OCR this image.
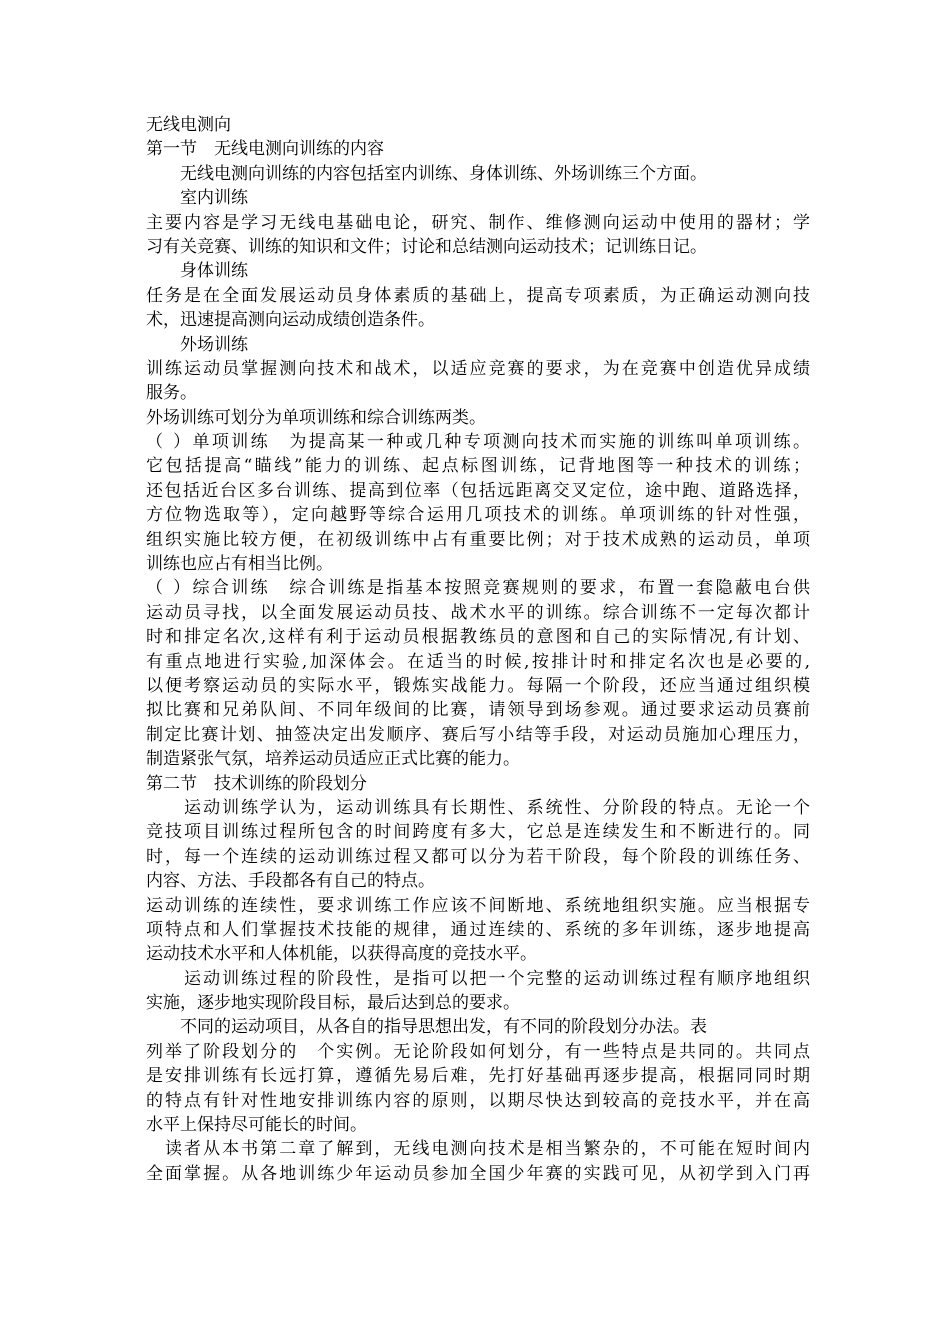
无线电测向
第一节　无线电测向训练的内容
　　无线电测向训练的内容包括室内训练、身体训练、外场训练三个方面。
　　室内训练
主要内容是学习无线电基础电论，研究、制作、维修测向运动中使用的器材；学
习有关竞赛、训练的知识和文件；讨论和总结测向运动技术；记训练日记。
　　身体训练
任务是在全面发展运动员身体素质的基础上，提高专项素质，为正确运动测向技
术，迅速提高测向运动成绩创造条件。
　　外场训练
训练运动员掌握测向技术和战术，以适应竞赛的要求，为在竞赛中创造优异成绩
服务。
外场训练可划分为单项训练和综合训练两类。
（ ）单项训练　为提高某一种或几种专项测向技术而实施的训练叫单项训练。
它包括提高“瞄线”能力的训练、起点标图训练，记背地图等一种技术的训练；
还包括近台区多台训练、提高到位率（包括远距离交叉定位，途中跑、道路选择，
方位物选取等），定向越野等综合运用几项技术的训练。单项训练的针对性强，
组织实施比较方便，在初级训练中占有重要比例；对于技术成熟的运动员，单项
训练也应占有相当比例。
（ ）综合训练　综合训练是指基本按照竞赛规则的要求，布置一套隐蔽电台供
运动员寻找，以全面发展运动员技、战术水平的训练。综合训练不一定每次都计
时和排定名次,这样有利于运动员根据教练员的意图和自己的实际情况,有计划、
有重点地进行实验,加深体会。在适当的时候,按排计时和排定名次也是必要的,
以便考察运动员的实际水平，锻炼实战能力。每隔一个阶段，还应当通过组织模
拟比赛和兄弟队间、不同年级间的比赛，请领导到场参观。通过要求运动员赛前
制定比赛计划、抽签决定出发顺序、赛后写小结等手段，对运动员施加心理压力，
制造紧张气氛，培养运动员适应正式比赛的能力。
第二节　技术训练的阶段划分
　　运动训练学认为，运动训练具有长期性、系统性、分阶段的特点。无论一个
竞技项目训练过程所包含的时间跨度有多大，它总是连续发生和不断进行的。同
时，每一个连续的运动训练过程又都可以分为若干阶段，每个阶段的训练任务、
内容、方法、手段都各有自己的特点。
运动训练的连续性，要求训练工作应该不间断地、系统地组织实施。应当根据专
项特点和人们掌握技术技能的规律，通过连续的、系统的多年训练，逐步地提高
运动技术水平和人体机能，以获得高度的竞技水平。
　　运动训练过程的阶段性，是指可以把一个完整的运动训练过程有顺序地组织
实施，逐步地实现阶段目标，最后达到总的要求。
　　不同的运动项目，从各自的指导思想出发，有不同的阶段划分办法。表
列举了阶段划分的　个实例。无论阶段如何划分，有一些特点是共同的。共同点
是安排训练有长远打算，遵循先易后难，先打好基础再逐步提高，根据同同时期
的特点有针对性地安排训练内容的原则，以期尽快达到较高的竞技水平，并在高
水平上保持尽可能长的时间。
　读者从本书第二章了解到，无线电测向技术是相当繁杂的，不可能在短时间内
全面掌握。从各地训练少年运动员参加全国少年赛的实践可见，从初学到入门再
